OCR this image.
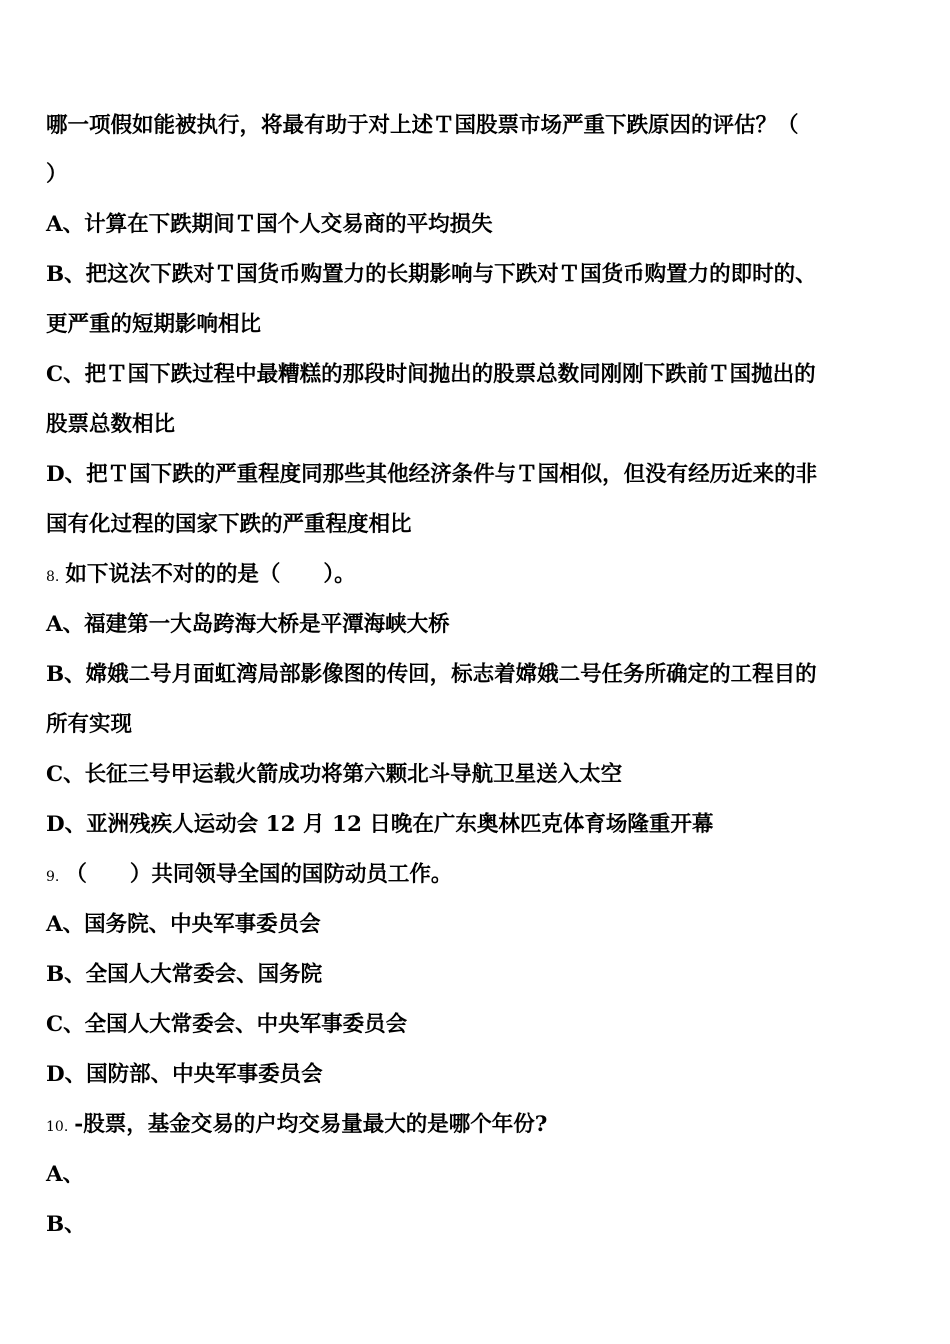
哪一项假如能被执行，将最有助于对上述Ｔ国股票市场严重下跌原因的评估？（
）
A、计算在下跌期间Ｔ国个人交易商的平均损失
B、把这次下跌对Ｔ国货币购置力的长期影响与下跌对Ｔ国货币购置力的即时的、
更严重的短期影响相比
C、把Ｔ国下跌过程中最糟糕的那段时间抛出的股票总数同刚刚下跌前Ｔ国抛出的
股票总数相比
D、把Ｔ国下跌的严重程度同那些其他经济条件与Ｔ国相似，但没有经历近来的非
国有化过程的国家下跌的严重程度相比
8. 如下说法不对的的是（　　）。
A、福建第一大岛跨海大桥是平潭海峡大桥
B、嫦娥二号月面虹湾局部影像图的传回，标志着嫦娥二号任务所确定的工程目的
所有实现
C、长征三号甲运载火箭成功将第六颗北斗导航卫星送入太空
D、亚洲残疾人运动会 12 月 12 日晚在广东奥林匹克体育场隆重开幕
9. （　　）共同领导全国的国防动员工作。
A、国务院、中央军事委员会
B、全国人大常委会、国务院
C、全国人大常委会、中央军事委员会
D、国防部、中央军事委员会
10. -股票，基金交易的户均交易量最大的是哪个年份?
A、
B、
